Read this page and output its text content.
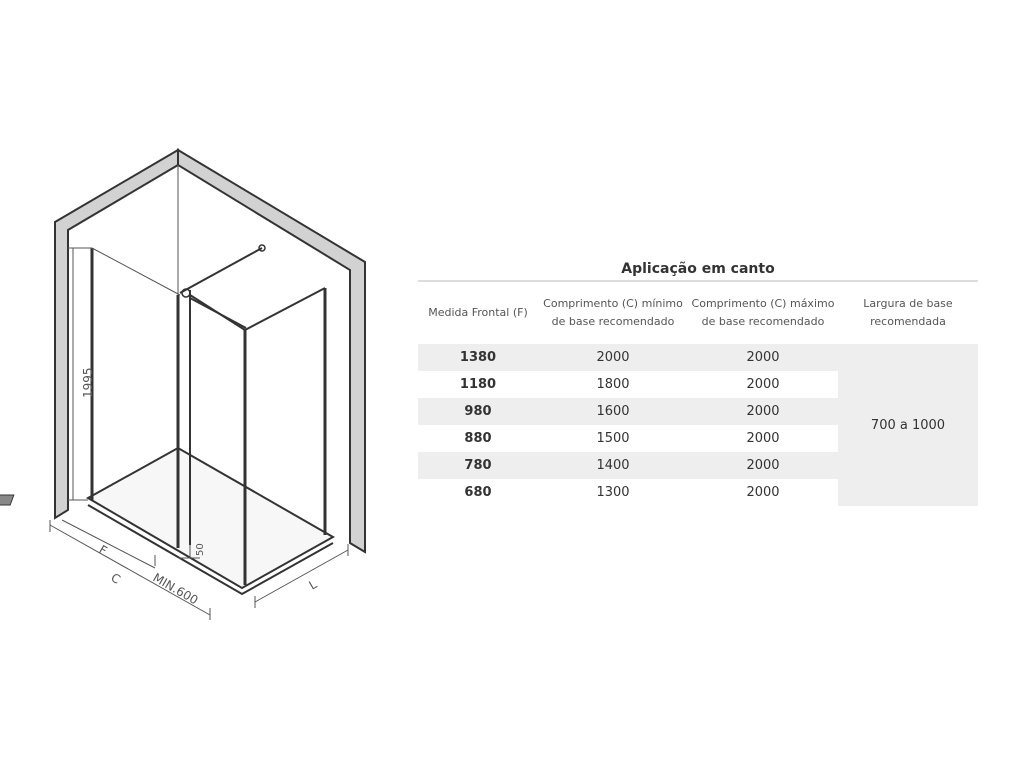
1995
F
C MIN.600
50
L
Aplicação em canto
Medida Frontal (F)	Comprimento (C) mínimo de base recomendado	Comprimento (C) máximo de base recomendado	Largura de base recomendada
1380	2000	2000	700 a 1000
1180	1800	2000	
980	1600	2000	
880	1500	2000	
780	1400	2000	
680	1300	2000	
